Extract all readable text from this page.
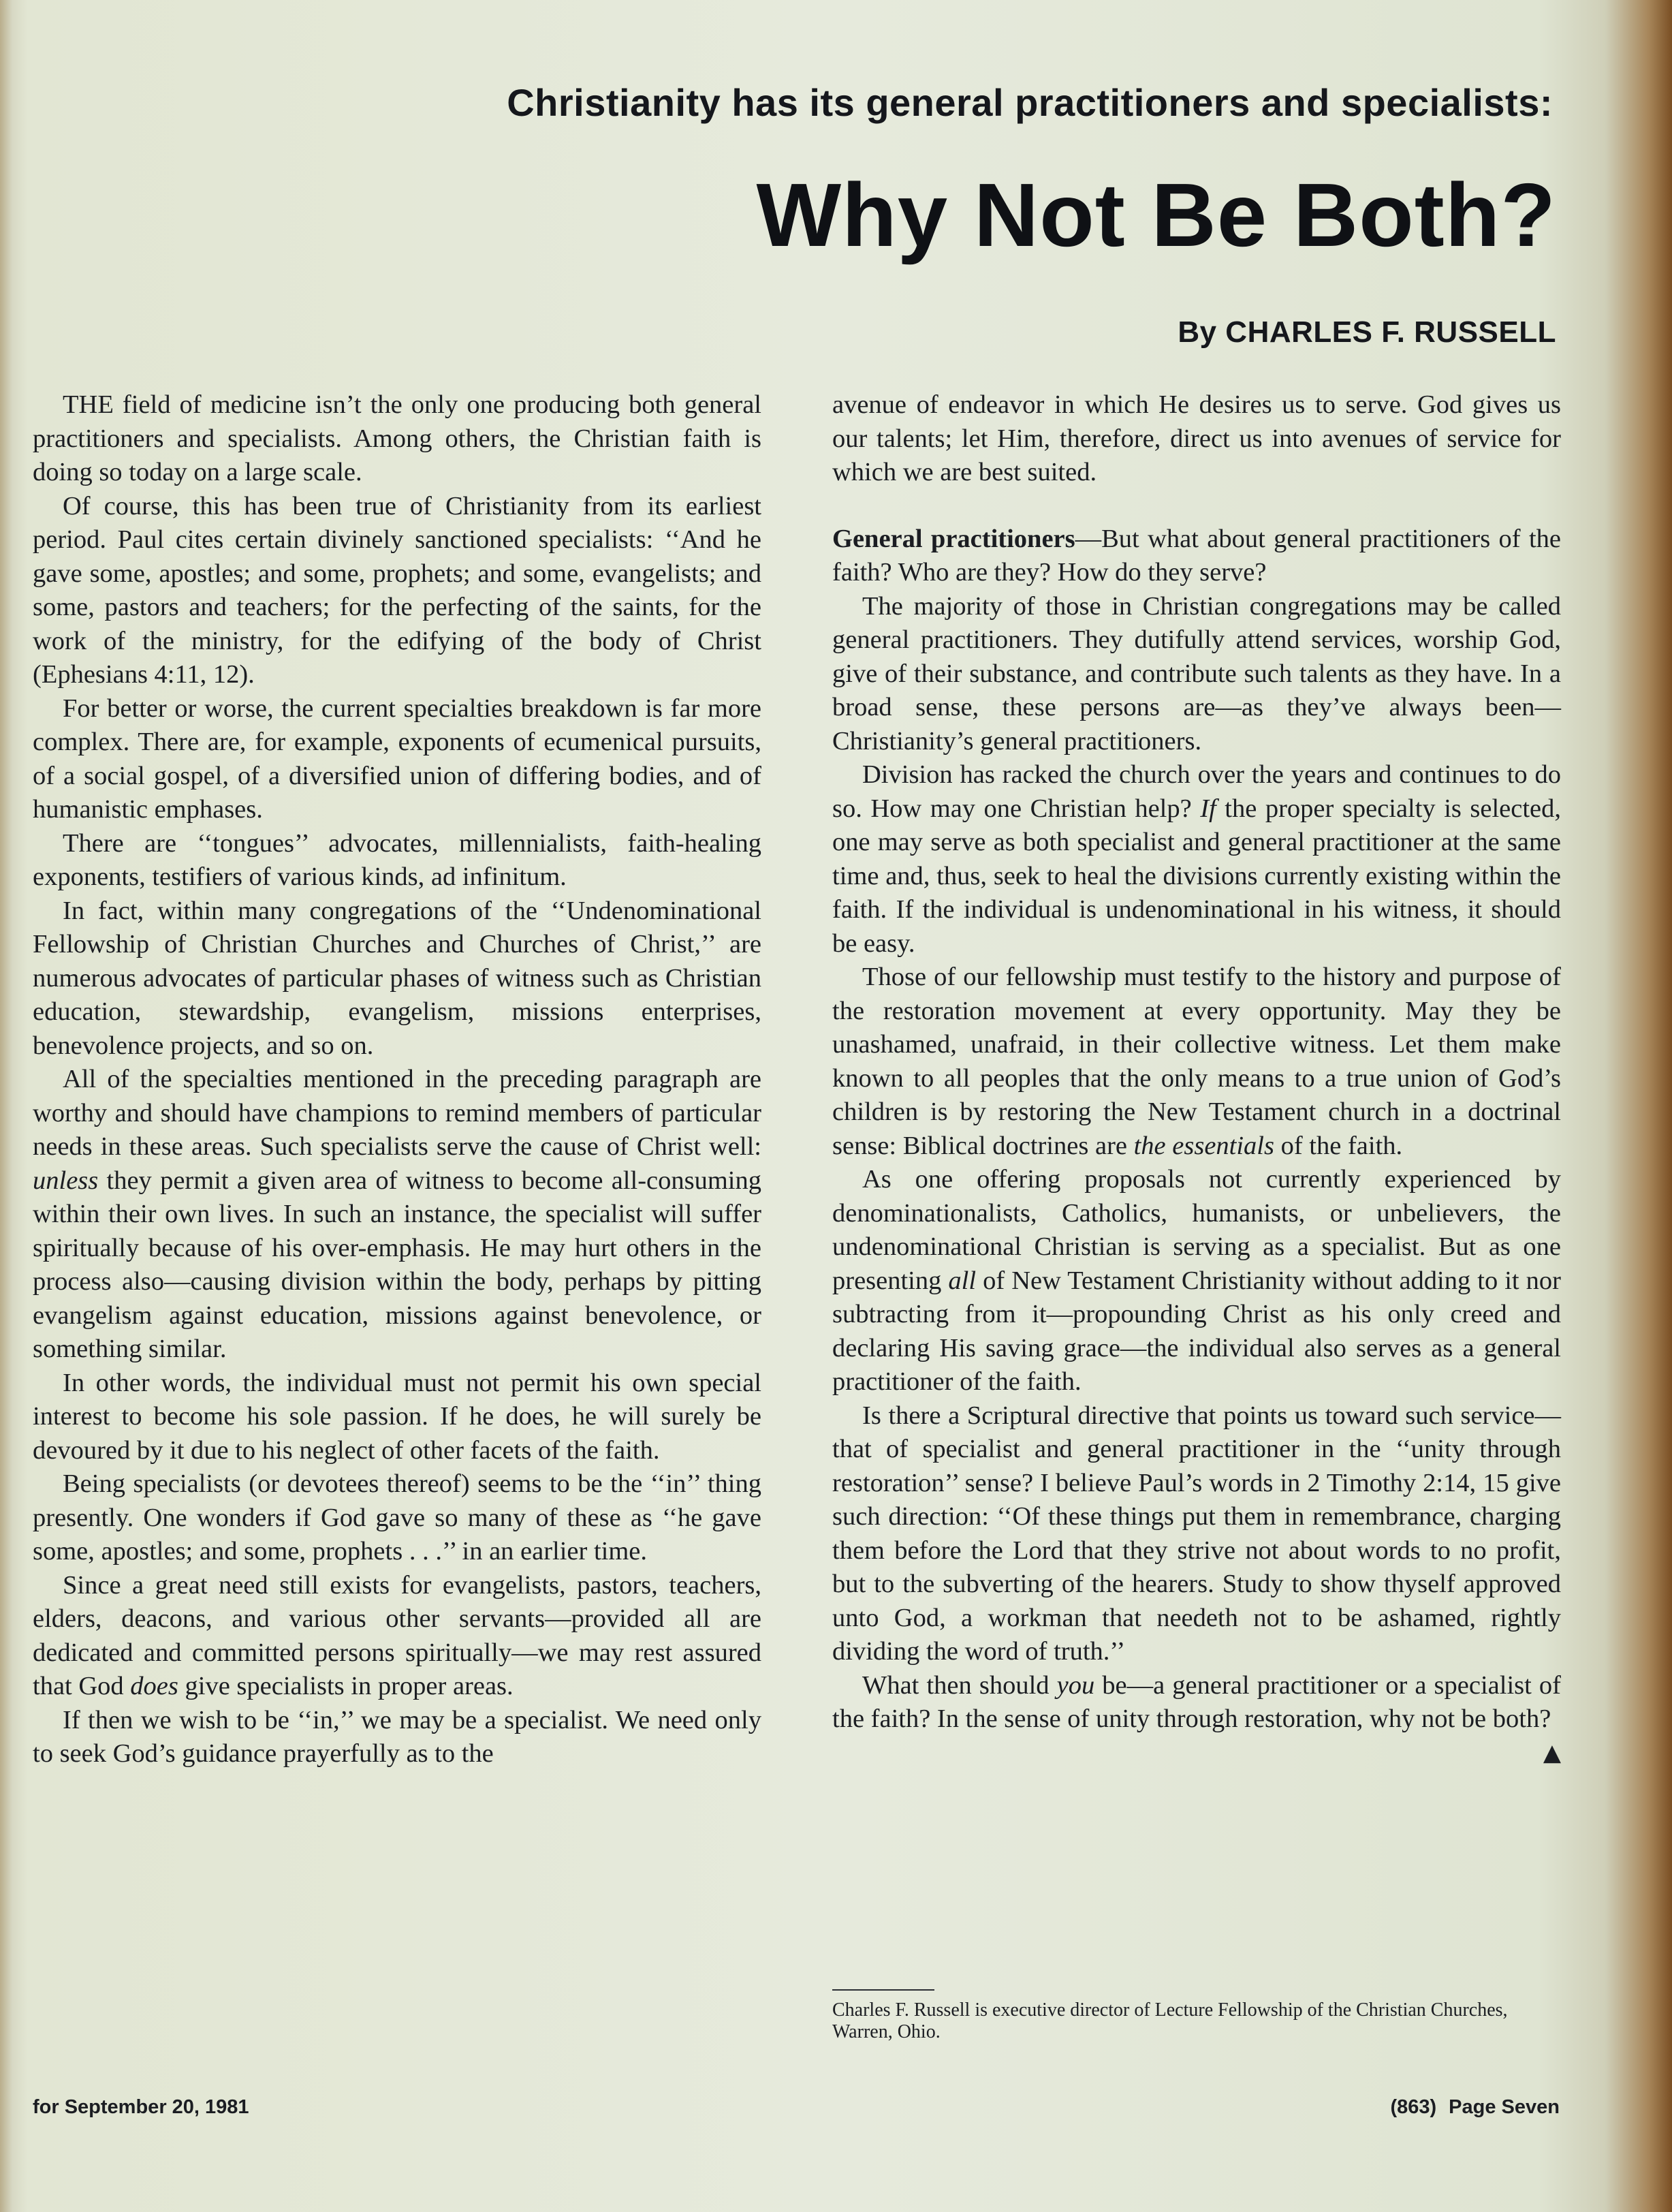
Christianity has its general practitioners and specialists:
Why Not Be Both?
By CHARLES F. RUSSELL

THE field of medicine isn’t the only one producing both general practitioners and specialists. Among others, the Christian faith is doing so today on a large scale.

Of course, this has been true of Christianity from its earliest period. Paul cites certain divinely sanctioned specialists: ‘‘And he gave some, apostles; and some, prophets; and some, evangelists; and some, pastors and teachers; for the perfecting of the saints, for the work of the ministry, for the edifying of the body of Christ (Ephesians 4:11, 12).

For better or worse, the current specialties breakdown is far more complex. There are, for example, exponents of ecumenical pursuits, of a social gospel, of a diversified union of differing bodies, and of humanistic emphases.

There are ‘‘tongues’’ advocates, millennialists, faith-healing exponents, testifiers of various kinds, ad infinitum.

In fact, within many congregations of the ‘‘Undenominational Fellowship of Christian Churches and Churches of Christ,’’ are numerous advocates of particular phases of witness such as Christian education, stewardship, evangelism, missions enterprises, benevolence projects, and so on.

All of the specialties mentioned in the preceding paragraph are worthy and should have champions to remind members of particular needs in these areas. Such specialists serve the cause of Christ well: unless they permit a given area of witness to become all-consuming within their own lives. In such an instance, the specialist will suffer spiritually because of his over-emphasis. He may hurt others in the process also—causing division within the body, perhaps by pitting evangelism against education, missions against benevolence, or something similar.

In other words, the individual must not permit his own special interest to become his sole passion. If he does, he will surely be devoured by it due to his neglect of other facets of the faith.

Being specialists (or devotees thereof) seems to be the ‘‘in’’ thing presently. One wonders if God gave so many of these as ‘‘he gave some, apostles; and some, prophets . . .’’ in an earlier time.

Since a great need still exists for evangelists, pastors, teachers, elders, deacons, and various other servants—provided all are dedicated and committed persons spiritually—we may rest assured that God does give specialists in proper areas.

If then we wish to be ‘‘in,’’ we may be a specialist. We need only to seek God’s guidance prayerfully as to the

avenue of endeavor in which He desires us to serve. God gives us our talents; let Him, therefore, direct us into avenues of service for which we are best suited.

General practitioners—But what about general practitioners of the faith? Who are they? How do they serve?

The majority of those in Christian congregations may be called general practitioners. They dutifully attend services, worship God, give of their substance, and contribute such talents as they have. In a broad sense, these persons are—as they’ve always been—Christianity’s general practitioners.

Division has racked the church over the years and continues to do so. How may one Christian help? If the proper specialty is selected, one may serve as both specialist and general practitioner at the same time and, thus, seek to heal the divisions currently existing within the faith. If the individual is undenominational in his witness, it should be easy.

Those of our fellowship must testify to the history and purpose of the restoration movement at every opportunity. May they be unashamed, unafraid, in their collective witness. Let them make known to all peoples that the only means to a true union of God’s children is by restoring the New Testament church in a doctrinal sense: Biblical doctrines are the essentials of the faith.

As one offering proposals not currently experienced by denominationalists, Catholics, humanists, or unbelievers, the undenominational Christian is serving as a specialist. But as one presenting all of New Testament Christianity without adding to it nor subtracting from it—propounding Christ as his only creed and declaring His saving grace—the individual also serves as a general practitioner of the faith.

Is there a Scriptural directive that points us toward such service—that of specialist and general practitioner in the ‘‘unity through restoration’’ sense? I believe Paul’s words in 2 Timothy 2:14, 15 give such direction: ‘‘Of these things put them in remembrance, charging them before the Lord that they strive not about words to no profit, but to the subverting of the hearers. Study to show thyself approved unto God, a workman that needeth not to be ashamed, rightly dividing the word of truth.’’

What then should you be—a general practitioner or a specialist of the faith? In the sense of unity through restoration, why not be both?
▲

Charles F. Russell is executive director of Lecture Fellowship of the Christian Churches, Warren, Ohio.
for September 20, 1981	(863) Page Seven
